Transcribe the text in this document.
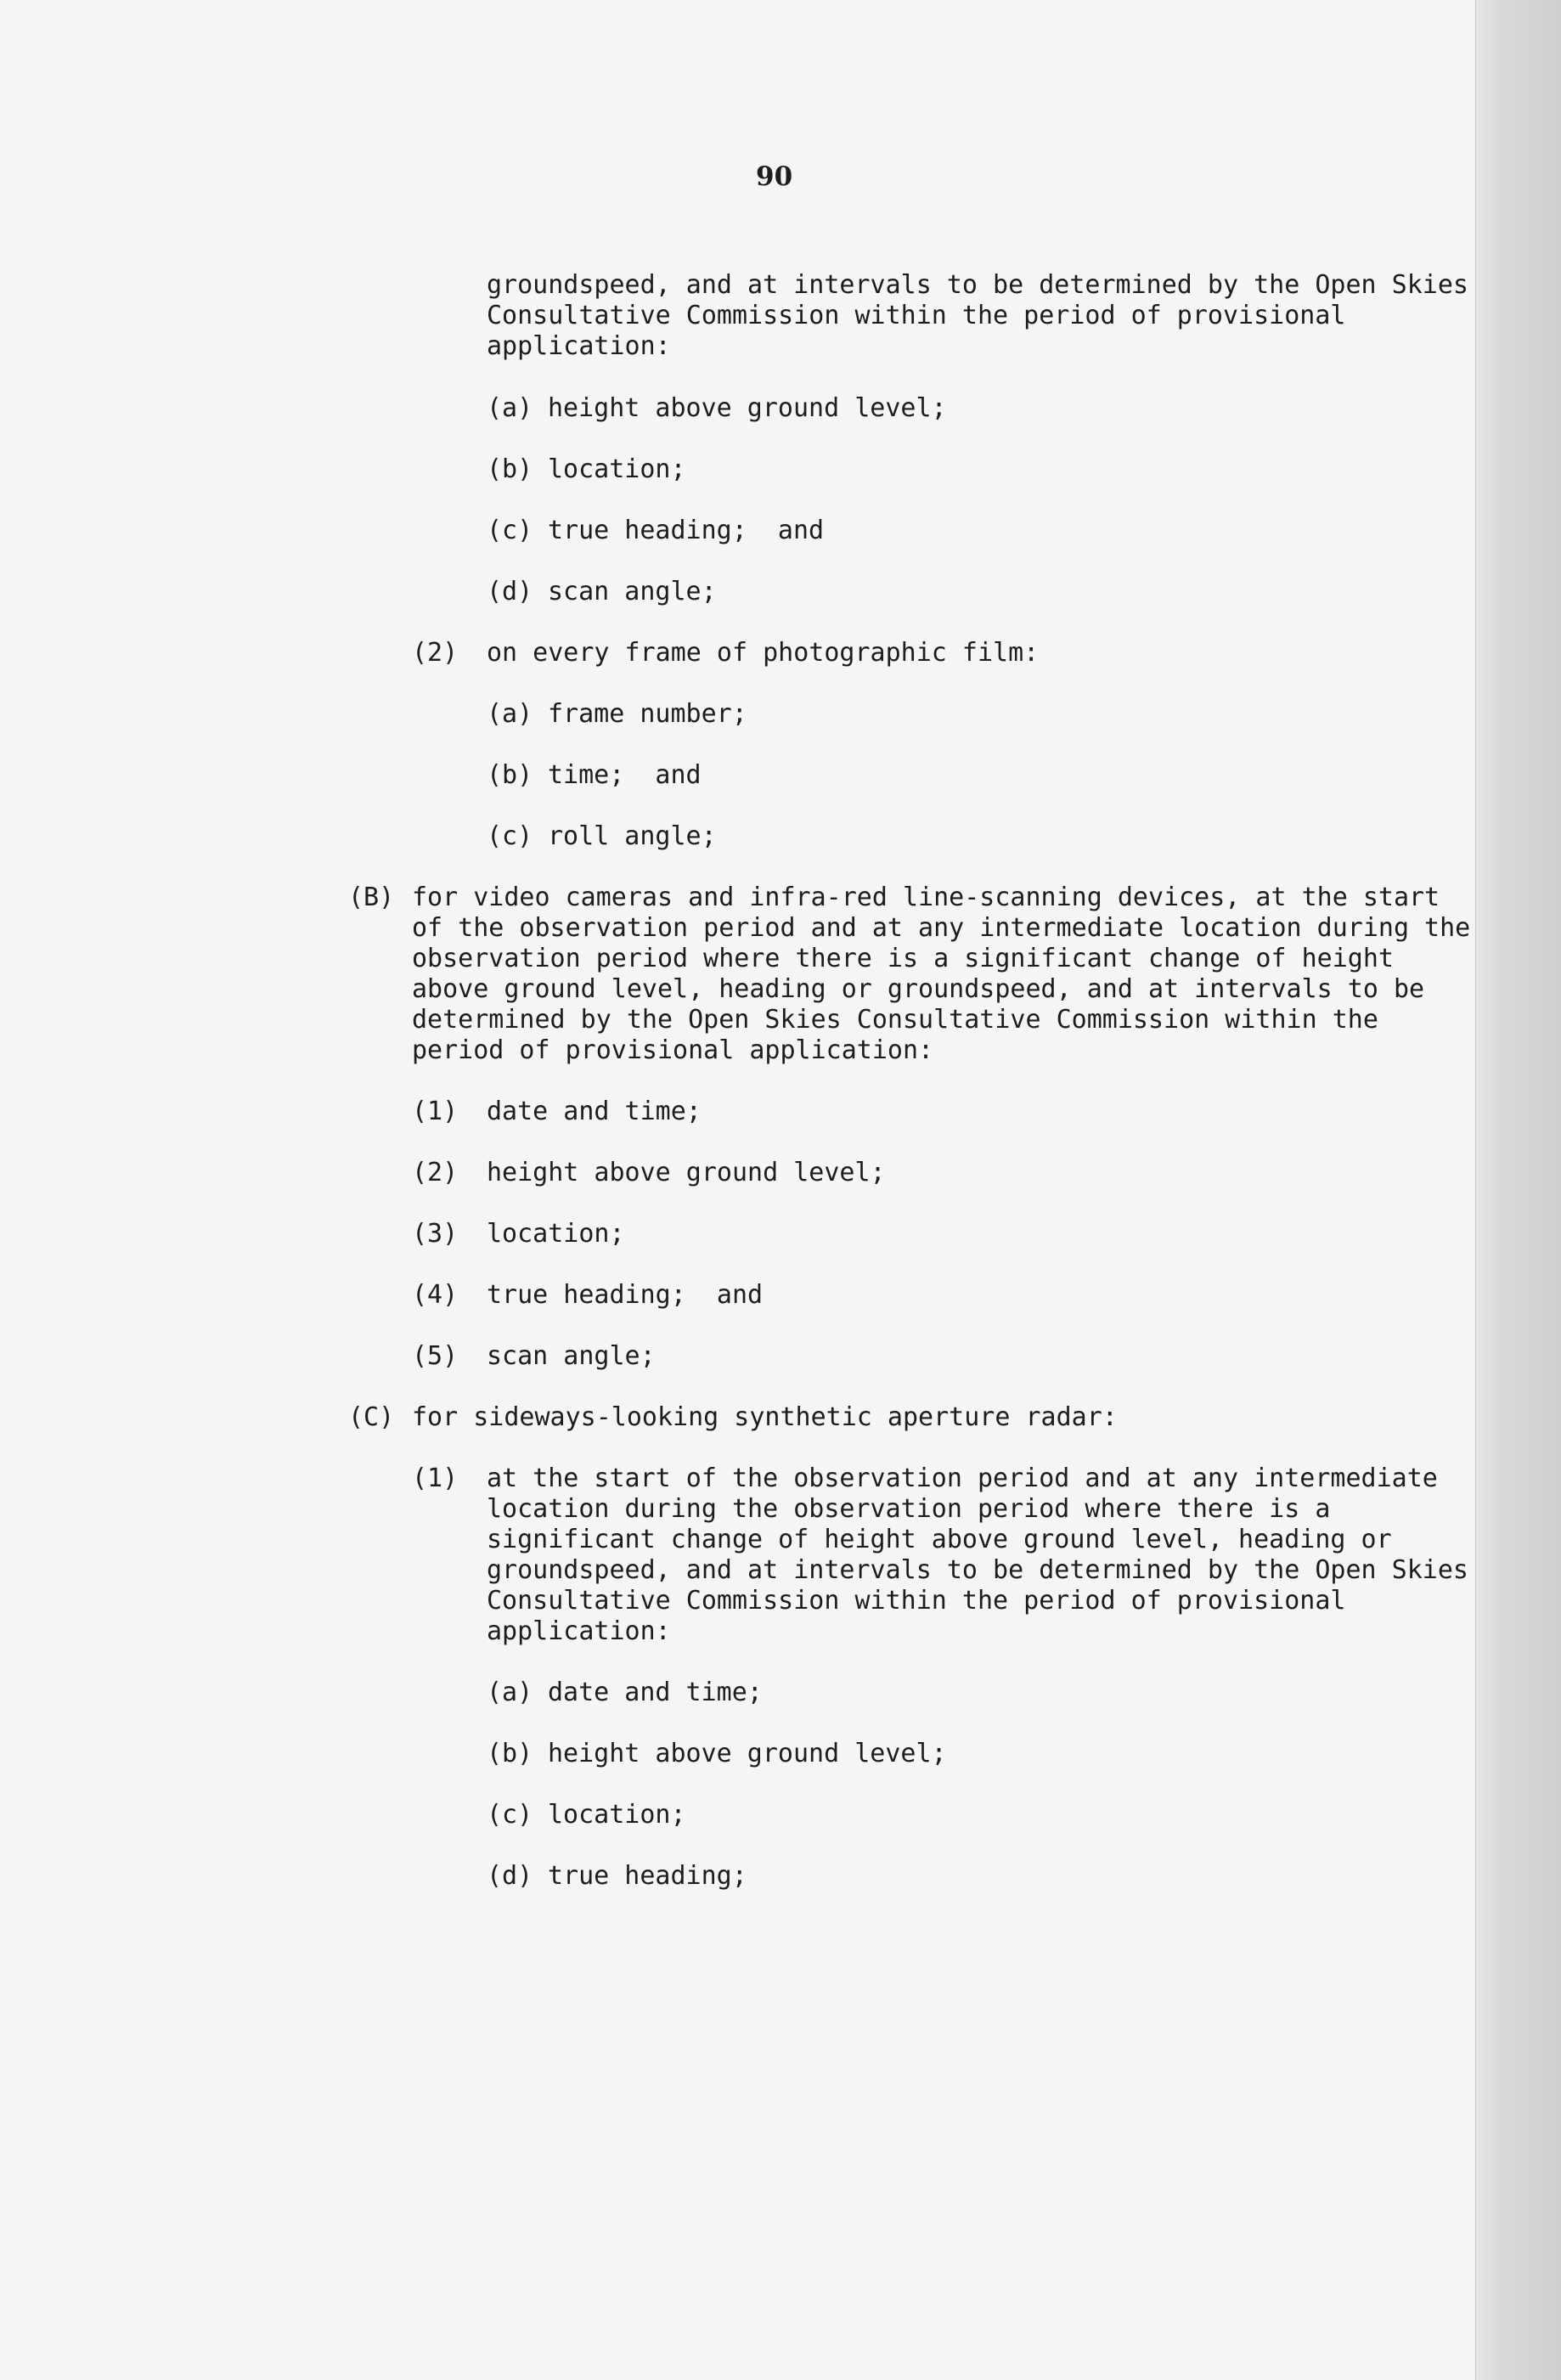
90
groundspeed, and at intervals to be determined by the Open Skies
Consultative Commission within the period of provisional
application:
(a) height above ground level;
(b) location;
(c) true heading;  and
(d) scan angle;
(2) on every frame of photographic film:
(a) frame number;
(b) time;  and
(c) roll angle;
(B) for video cameras and infra-red line-scanning devices, at the start
of the observation period and at any intermediate location during the
observation period where there is a significant change of height
above ground level, heading or groundspeed, and at intervals to be
determined by the Open Skies Consultative Commission within the
period of provisional application:
(1) date and time;
(2) height above ground level;
(3) location;
(4) true heading;  and
(5) scan angle;
(C) for sideways-looking synthetic aperture radar:
(1) at the start of the observation period and at any intermediate
location during the observation period where there is a
significant change of height above ground level, heading or
groundspeed, and at intervals to be determined by the Open Skies
Consultative Commission within the period of provisional
application:
(a) date and time;
(b) height above ground level;
(c) location;
(d) true heading;
